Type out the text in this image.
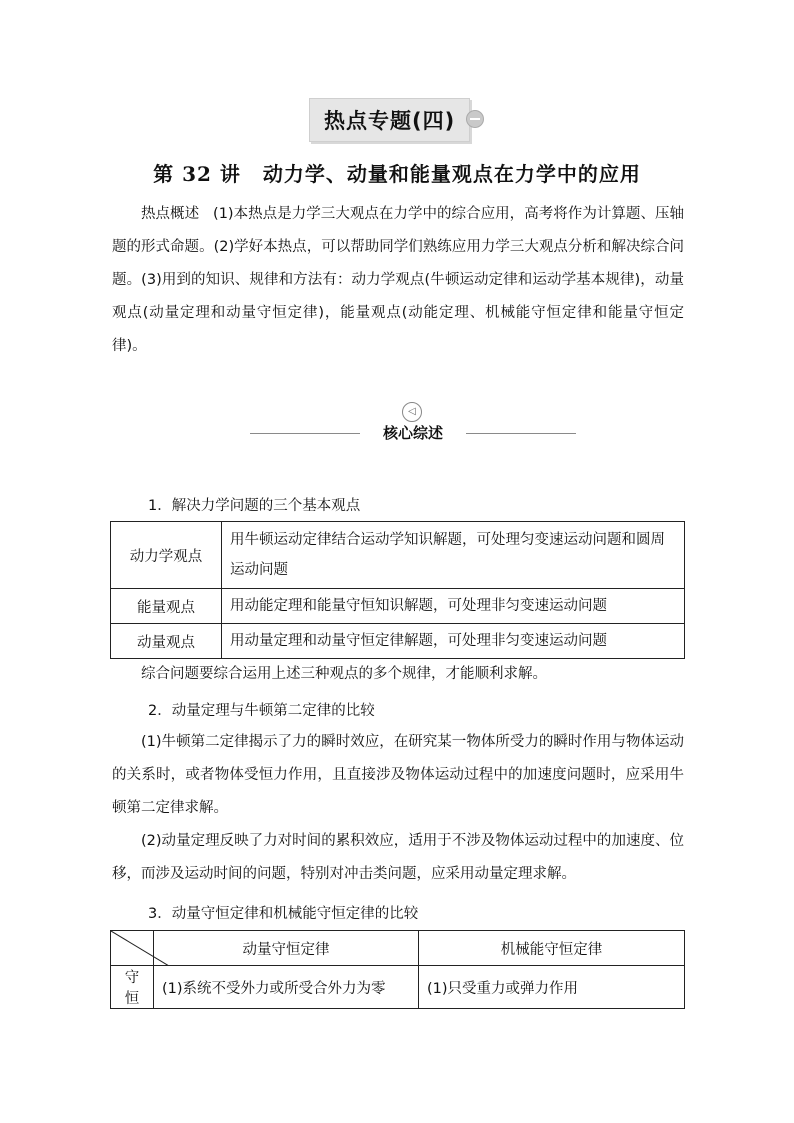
热点专题(四)
第 32 讲 动力学、动量和能量观点在力学中的应用
热点概述 (1)本热点是力学三大观点在力学中的综合应用，高考将作为计算题、压轴题的形式命题。(2)学好本热点，可以帮助同学们熟练应用力学三大观点分析和解决综合问题。(3)用到的知识、规律和方法有：动力学观点(牛顿运动定律和运动学基本规律)，动量观点(动量定理和动量守恒定律)，能量观点(动能定理、机械能守恒定律和能量守恒定律)。
◁
核心综述
1．解决力学问题的三个基本观点
动力学观点	用牛顿运动定律结合运动学知识解题，可处理匀变速运动问题和圆周运动问题
能量观点	用动能定理和能量守恒知识解题，可处理非匀变速运动问题
动量观点	用动量定理和动量守恒定律解题，可处理非匀变速运动问题
综合问题要综合运用上述三种观点的多个规律，才能顺利求解。
2．动量定理与牛顿第二定律的比较
(1)牛顿第二定律揭示了力的瞬时效应，在研究某一物体所受力的瞬时作用与物体运动的关系时，或者物体受恒力作用，且直接涉及物体运动过程中的加速度问题时，应采用牛顿第二定律求解。
(2)动量定理反映了力对时间的累积效应，适用于不涉及物体运动过程中的加速度、位移，而涉及运动时间的问题，特别对冲击类问题，应采用动量定理求解。
3．动量守恒定律和机械能守恒定律的比较
	动量守恒定律	机械能守恒定律
守恒	(1)系统不受外力或所受合外力为零	(1)只受重力或弹力作用
